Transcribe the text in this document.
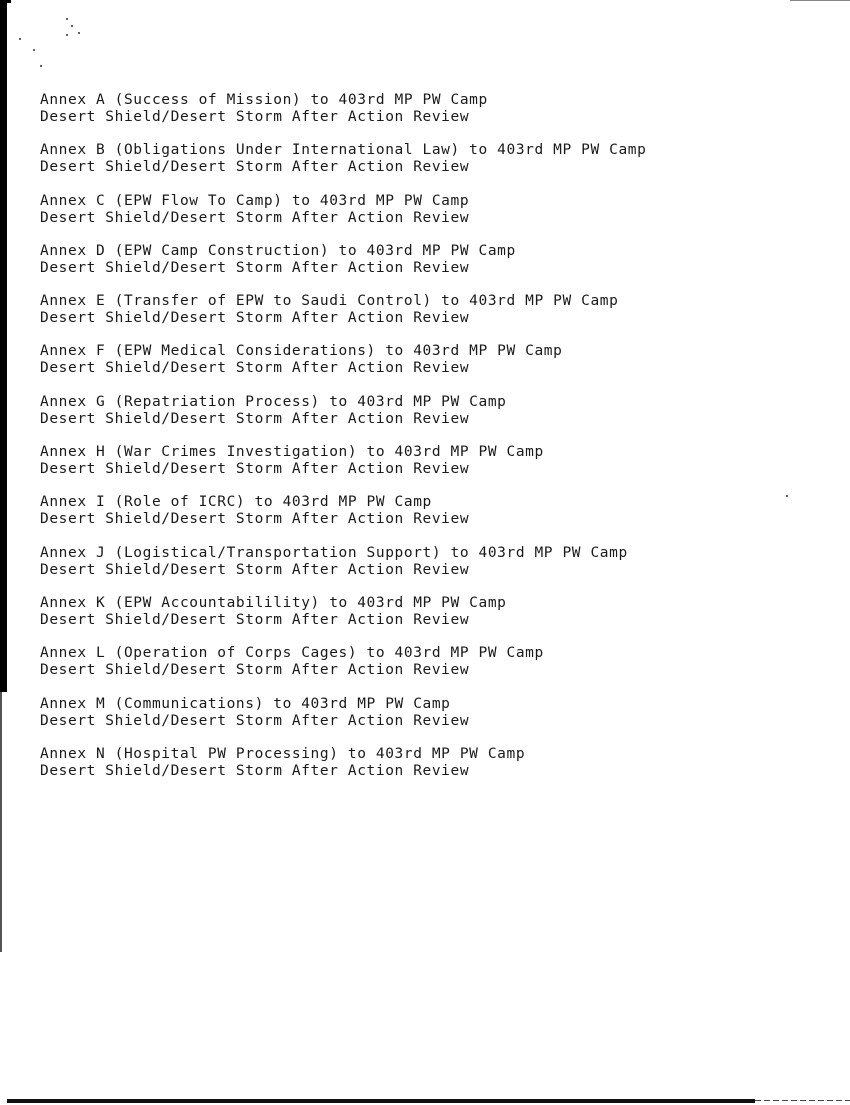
Annex A (Success of Mission) to 403rd MP PW Camp
Desert Shield/Desert Storm After Action Review
Annex B (Obligations Under International Law) to 403rd MP PW Camp
Desert Shield/Desert Storm After Action Review
Annex C (EPW Flow To Camp) to 403rd MP PW Camp
Desert Shield/Desert Storm After Action Review
Annex D (EPW Camp Construction) to 403rd MP PW Camp
Desert Shield/Desert Storm After Action Review
Annex E (Transfer of EPW to Saudi Control) to 403rd MP PW Camp
Desert Shield/Desert Storm After Action Review
Annex F (EPW Medical Considerations) to 403rd MP PW Camp
Desert Shield/Desert Storm After Action Review
Annex G (Repatriation Process) to 403rd MP PW Camp
Desert Shield/Desert Storm After Action Review
Annex H (War Crimes Investigation) to 403rd MP PW Camp
Desert Shield/Desert Storm After Action Review
Annex I (Role of ICRC) to 403rd MP PW Camp
Desert Shield/Desert Storm After Action Review
Annex J (Logistical/Transportation Support) to 403rd MP PW Camp
Desert Shield/Desert Storm After Action Review
Annex K (EPW Accountabilility) to 403rd MP PW Camp
Desert Shield/Desert Storm After Action Review
Annex L (Operation of Corps Cages) to 403rd MP PW Camp
Desert Shield/Desert Storm After Action Review
Annex M (Communications) to 403rd MP PW Camp
Desert Shield/Desert Storm After Action Review
Annex N (Hospital PW Processing) to 403rd MP PW Camp
Desert Shield/Desert Storm After Action Review
